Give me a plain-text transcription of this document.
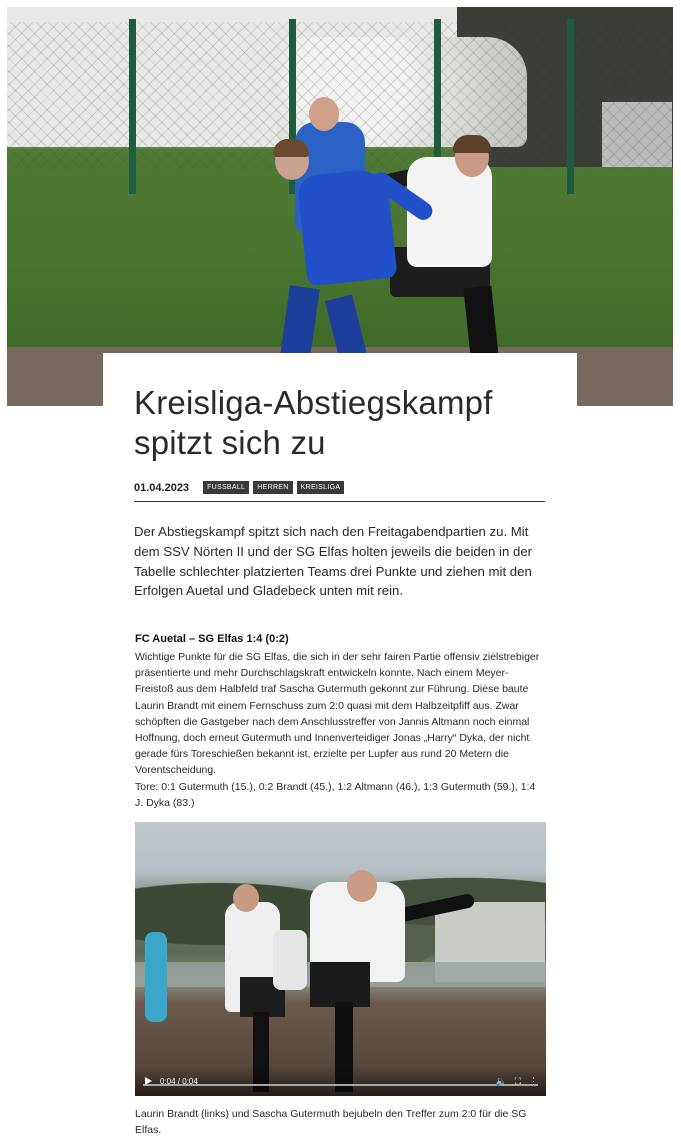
Kreisliga-Abstiegskampf spitzt sich zu
01.04.2023	FUSSBALL	HERREN	KREISLIGA

Der Abstiegskampf spitzt sich nach den Freitagabendpartien zu. Mit dem SSV Nörten II und der SG Elfas holten jeweils die beiden in der Tabelle schlechter platzierten Teams drei Punkte und ziehen mit den Erfolgen Auetal und Gladebeck unten mit rein.

FC Auetal – SG Elfas 1:4 (0:2)

Wichtige Punkte für die SG Elfas, die sich in der sehr fairen Partie offensiv zielstrebiger präsentierte und mehr Durchschlagskraft entwickeln konnte. Nach einem Meyer-Freistoß aus dem Halbfeld traf Sascha Gutermuth gekonnt zur Führung. Diese baute Laurin Brandt mit einem Fernschuss zum 2:0 quasi mit dem Halbzeitpfiff aus. Zwar schöpften die Gastgeber nach dem Anschlusstreffer von Jannis Altmann noch einmal Hoffnung, doch erneut Gutermuth und Innenverteidiger Jonas „Harry“ Dyka, der nicht gerade fürs Toreschießen bekannt ist, erzielte per Lupfer aus rund 20 Metern die Vorentscheidung.

Tore: 0:1 Gutermuth (15.), 0:2 Brandt (45.), 1:2 Altmann (46.), 1:3 Gutermuth (59.), 1:4 J. Dyka (83.)

0:04 / 0:04	🔈 ⛶ ⋮

Laurin Brandt (links) und Sascha Gutermuth bejubeln den Treffer zum 2:0 für die SG Elfas.
